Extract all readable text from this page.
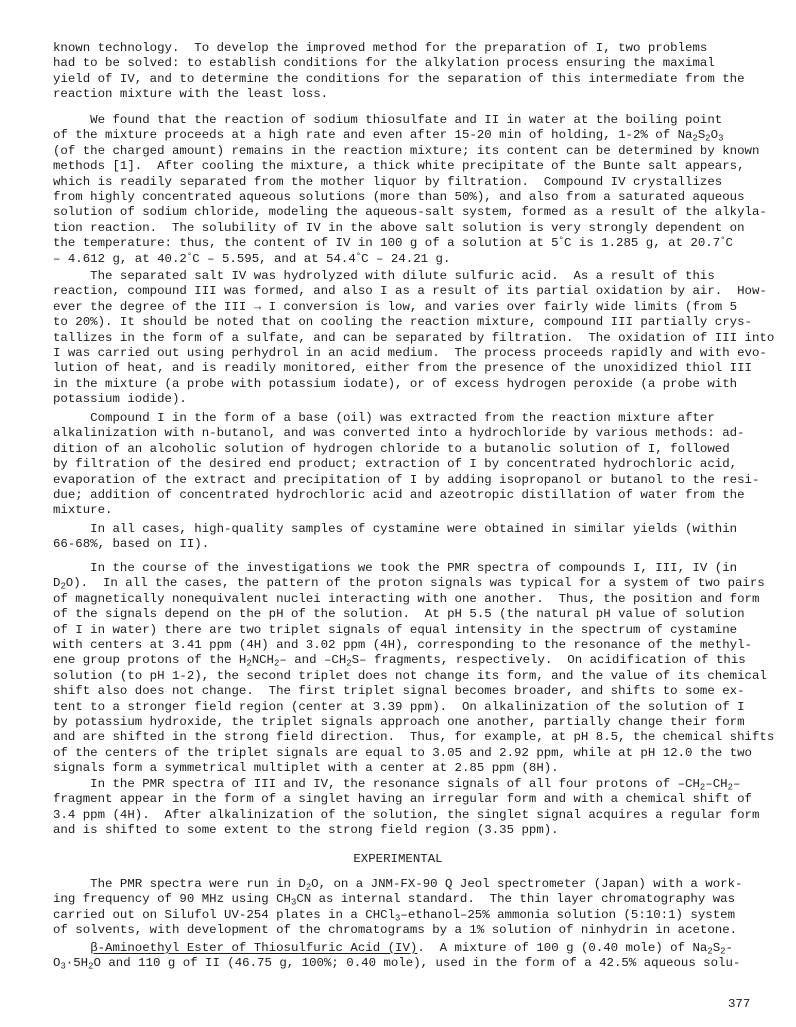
known technology.  To develop the improved method for the preparation of I, two problems
had to be solved: to establish conditions for the alkylation process ensuring the maximal
yield of IV, and to determine the conditions for the separation of this intermediate from the
reaction mixture with the least loss.
We found that the reaction of sodium thiosulfate and II in water at the boiling point
of the mixture proceeds at a high rate and even after 15-20 min of holding, 1-2% of $Na_2S_2O_3$
(of the charged amount) remains in the reaction mixture; its content can be determined by known
methods [1].  After cooling the mixture, a thick white precipitate of the Bunte salt appears,
which is readily separated from the mother liquor by filtration.  Compound IV crystallizes
from highly concentrated aqueous solutions (more than 50%), and also from a saturated aqueous
solution of sodium chloride, modeling the aqueous-salt system, formed as a result of the alkyla-
tion reaction.  The solubility of IV in the above salt solution is very strongly dependent on
the temperature: thus, the content of IV in 100 g of a solution at 5°C is 1.285 g, at 20.7°C
– 4.612 g, at 40.2°C – 5.595, and at 54.4°C – 24.21 g.
The separated salt IV was hydrolyzed with dilute sulfuric acid.  As a result of this
reaction, compound III was formed, and also I as a result of its partial oxidation by air.  How-
ever the degree of the III → I conversion is low, and varies over fairly wide limits (from 5
to 20%). It should be noted that on cooling the reaction mixture, compound III partially crys-
tallizes in the form of a sulfate, and can be separated by filtration.  The oxidation of III into
I was carried out using perhydrol in an acid medium.  The process proceeds rapidly and with evo-
lution of heat, and is readily monitored, either from the presence of the unoxidized thiol III
in the mixture (a probe with potassium iodate), or of excess hydrogen peroxide (a probe with
potassium iodide).
Compound I in the form of a base (oil) was extracted from the reaction mixture after
alkalinization with n-butanol, and was converted into a hydrochloride by various methods: ad-
dition of an alcoholic solution of hydrogen chloride to a butanolic solution of I, followed
by filtration of the desired end product; extraction of I by concentrated hydrochloric acid,
evaporation of the extract and precipitation of I by adding isopropanol or butanol to the resi-
due; addition of concentrated hydrochloric acid and azeotropic distillation of water from the
mixture.
In all cases, high-quality samples of cystamine were obtained in similar yields (within
66-68%, based on II).
In the course of the investigations we took the PMR spectra of compounds I, III, IV (in
$D_2O$).  In all the cases, the pattern of the proton signals was typical for a system of two pairs
of magnetically nonequivalent nuclei interacting with one another.  Thus, the position and form
of the signals depend on the pH of the solution.  At pH 5.5 (the natural pH value of solution
of I in water) there are two triplet signals of equal intensity in the spectrum of cystamine
with centers at 3.41 ppm (4H) and 3.02 ppm (4H), corresponding to the resonance of the methyl-
ene group protons of the $H_2NCH_2-$ and $-CH_2S-$ fragments, respectively.  On acidification of this
solution (to pH 1-2), the second triplet does not change its form, and the value of its chemical
shift also does not change.  The first triplet signal becomes broader, and shifts to some ex-
tent to a stronger field region (center at 3.39 ppm).  On alkalinization of the solution of I
by potassium hydroxide, the triplet signals approach one another, partially change their form
and are shifted in the strong field direction.  Thus, for example, at pH 8.5, the chemical shifts
of the centers of the triplet signals are equal to 3.05 and 2.92 ppm, while at pH 12.0 the two
signals form a symmetrical multiplet with a center at 2.85 ppm (8H).
In the PMR spectra of III and IV, the resonance signals of all four protons of $-CH_2-CH_2-$
fragment appear in the form of a singlet having an irregular form and with a chemical shift of
3.4 ppm (4H).  After alkalinization of the solution, the singlet signal acquires a regular form
and is shifted to some extent to the strong field region (3.35 ppm).
EXPERIMENTAL
The PMR spectra were run in $D_2O$, on a JNM-FX-90 Q Jeol spectrometer (Japan) with a work-
ing frequency of 90 MHz using $CH_3CN$ as internal standard.  The thin layer chromatography was
carried out on Silufol UV-254 plates in a CHCl$_3$–ethanol–25% ammonia solution (5:10:1) system
of solvents, with development of the chromatograms by a 1% solution of ninhydrin in acetone.
β-Aminoethyl Ester of Thiosulfuric Acid (IV).  A mixture of 100 g (0.40 mole) of $Na_2S_2-$
$O_3\cdot 5H_2O$ and 110 g of II (46.75 g, 100%; 0.40 mole), used in the form of a 42.5% aqueous solu-
377
